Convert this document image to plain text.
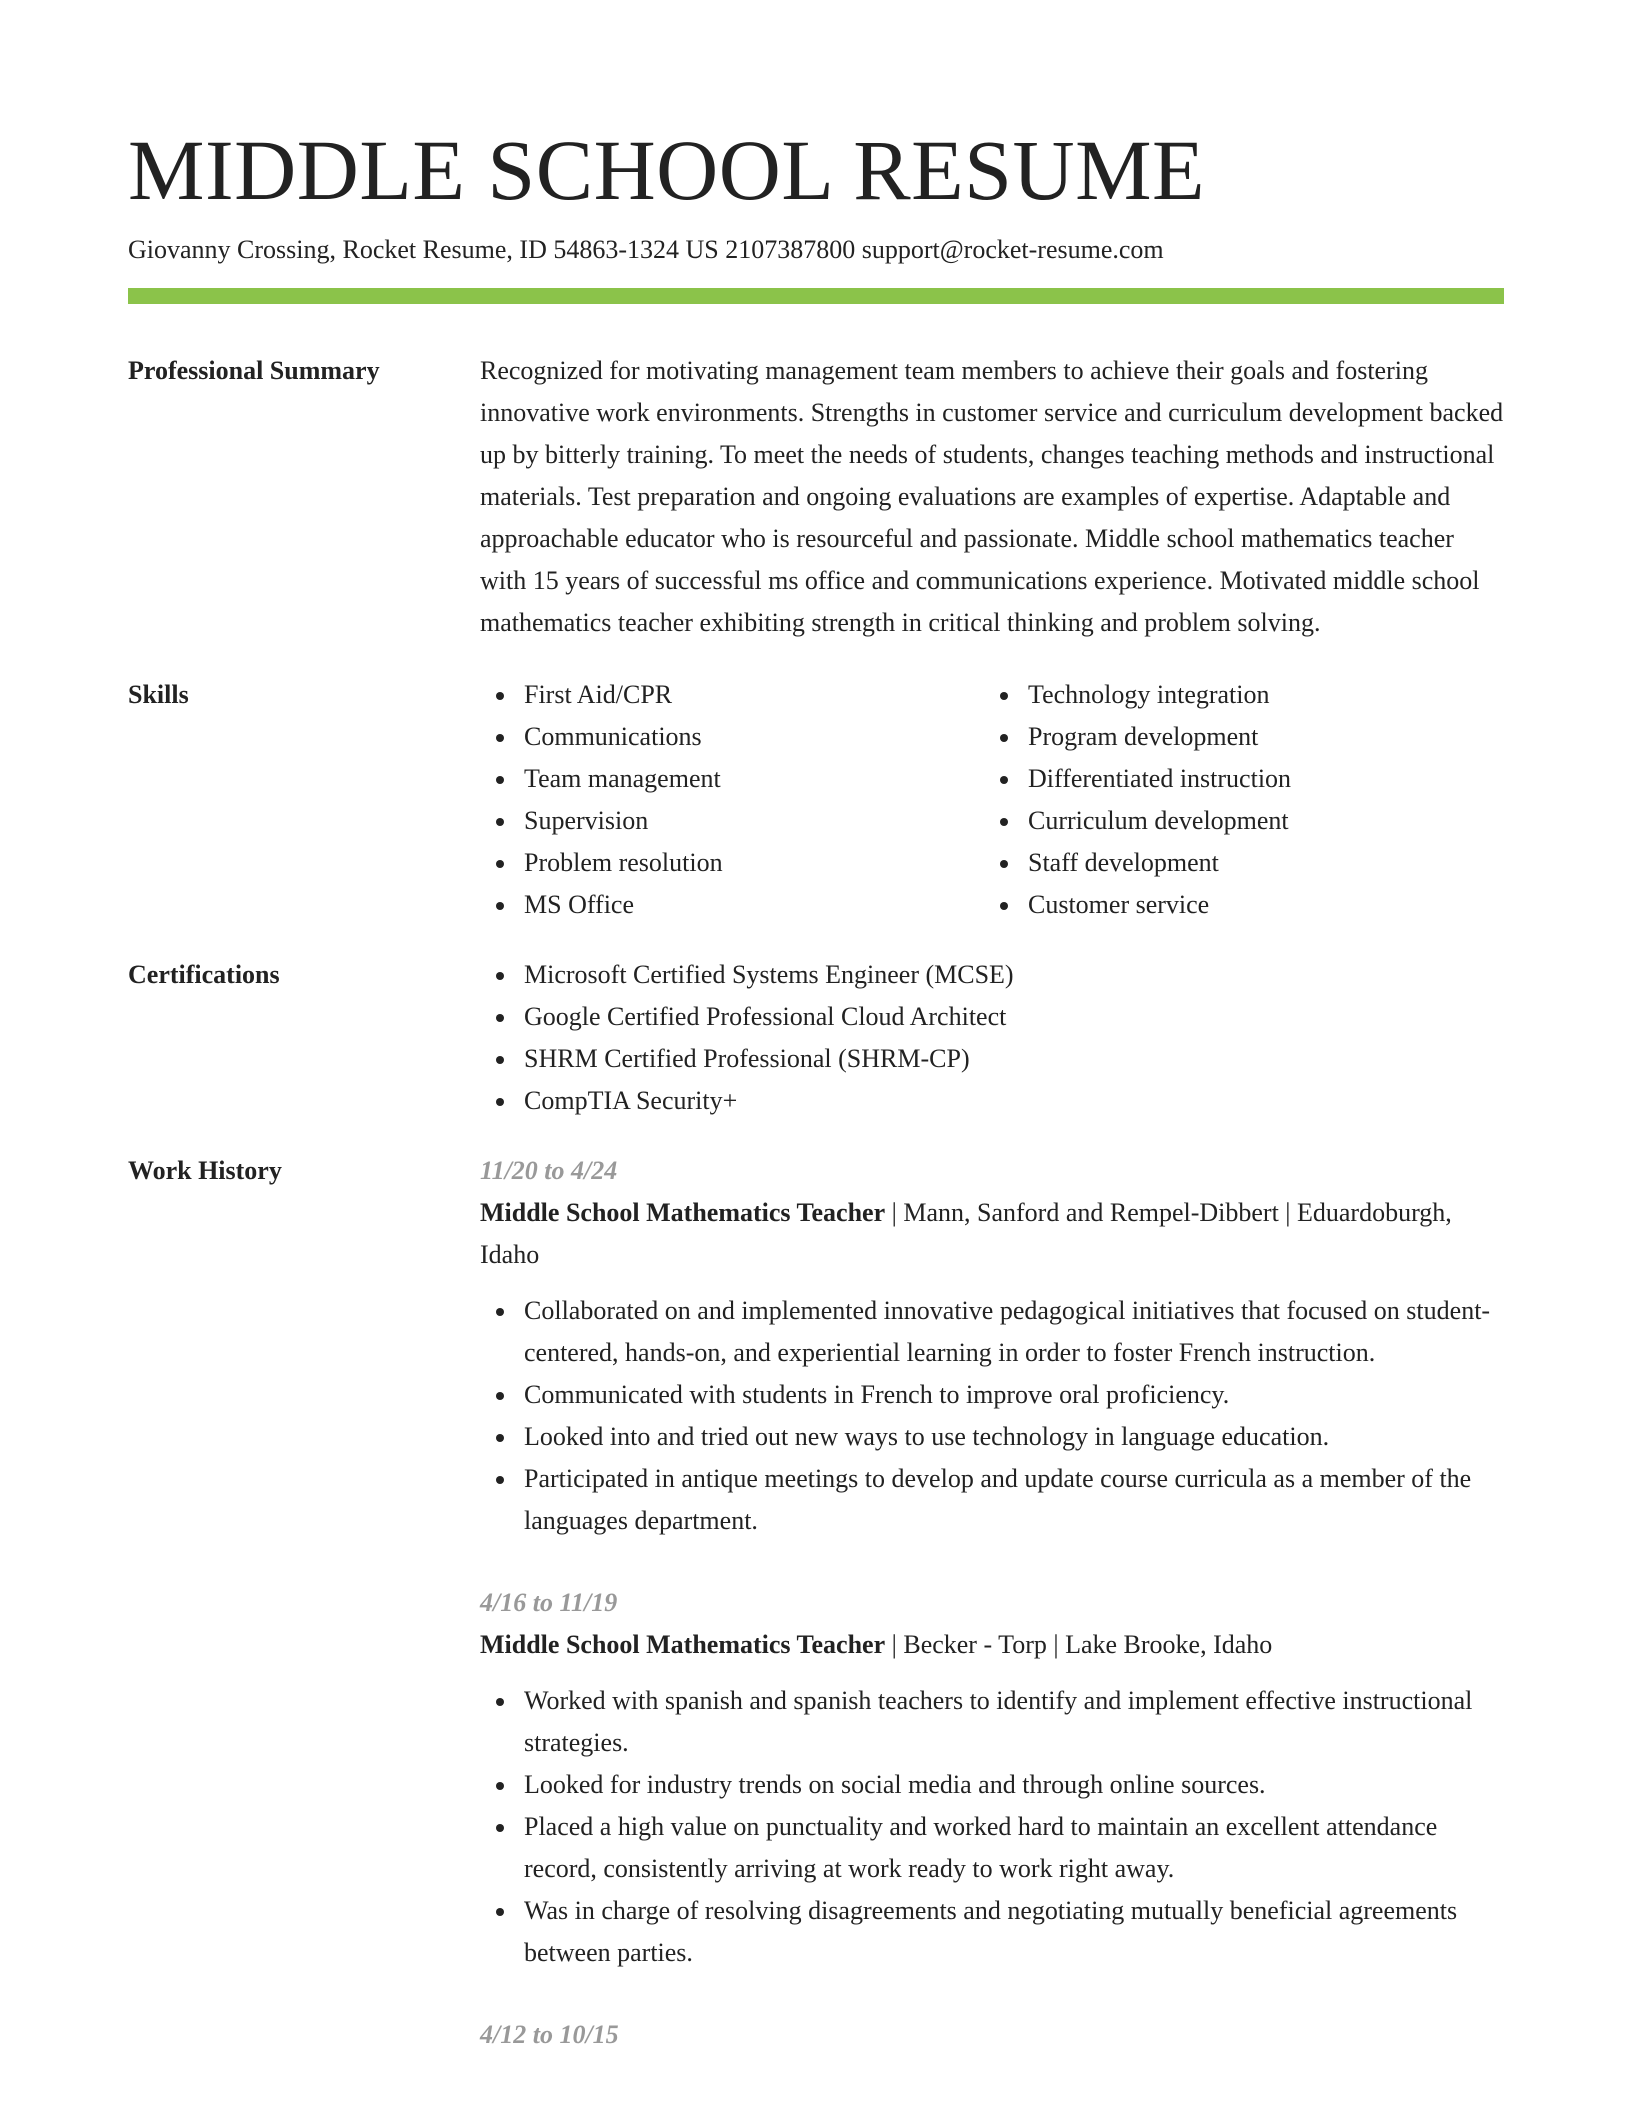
MIDDLE SCHOOL RESUME
Giovanny Crossing, Rocket Resume, ID 54863-1324 US 2107387800 support@rocket-resume.com
Professional Summary	Recognized for motivating management team members to achieve their goals and fostering innovative work environments. Strengths in customer service and curriculum development backed up by bitterly training. To meet the needs of students, changes teaching methods and instructional materials. Test preparation and ongoing evaluations are examples of expertise. Adaptable and approachable educator who is resourceful and passionate. Middle school mathematics teacher with 15 years of successful ms office and communications experience. Motivated middle school mathematics teacher exhibiting strength in critical thinking and problem solving.

Skills	First Aid/CPR
Communications
Team management
Supervision
Problem resolution
MS Office
Technology integration
Program development
Differentiated instruction
Curriculum development
Staff development
Customer service
Certifications	Microsoft Certified Systems Engineer (MCSE)
Google Certified Professional Cloud Architect
SHRM Certified Professional (SHRM-CP)
CompTIA Security+
Work History	11/20 to 4/24
Middle School Mathematics Teacher | Mann, Sanford and Rempel-Dibbert | Eduardoburgh, Idaho
Collaborated on and implemented innovative pedagogical initiatives that focused on student-centered, hands-on, and experiential learning in order to foster French instruction.
Communicated with students in French to improve oral proficiency.
Looked into and tried out new ways to use technology in language education.
Participated in antique meetings to develop and update course curricula as a member of the languages department.
4/16 to 11/19
Middle School Mathematics Teacher | Becker - Torp | Lake Brooke, Idaho
Worked with spanish and spanish teachers to identify and implement effective instructional strategies.
Looked for industry trends on social media and through online sources.
Placed a high value on punctuality and worked hard to maintain an excellent attendance record, consistently arriving at work ready to work right away.
Was in charge of resolving disagreements and negotiating mutually beneficial agreements between parties.
4/12 to 10/15
